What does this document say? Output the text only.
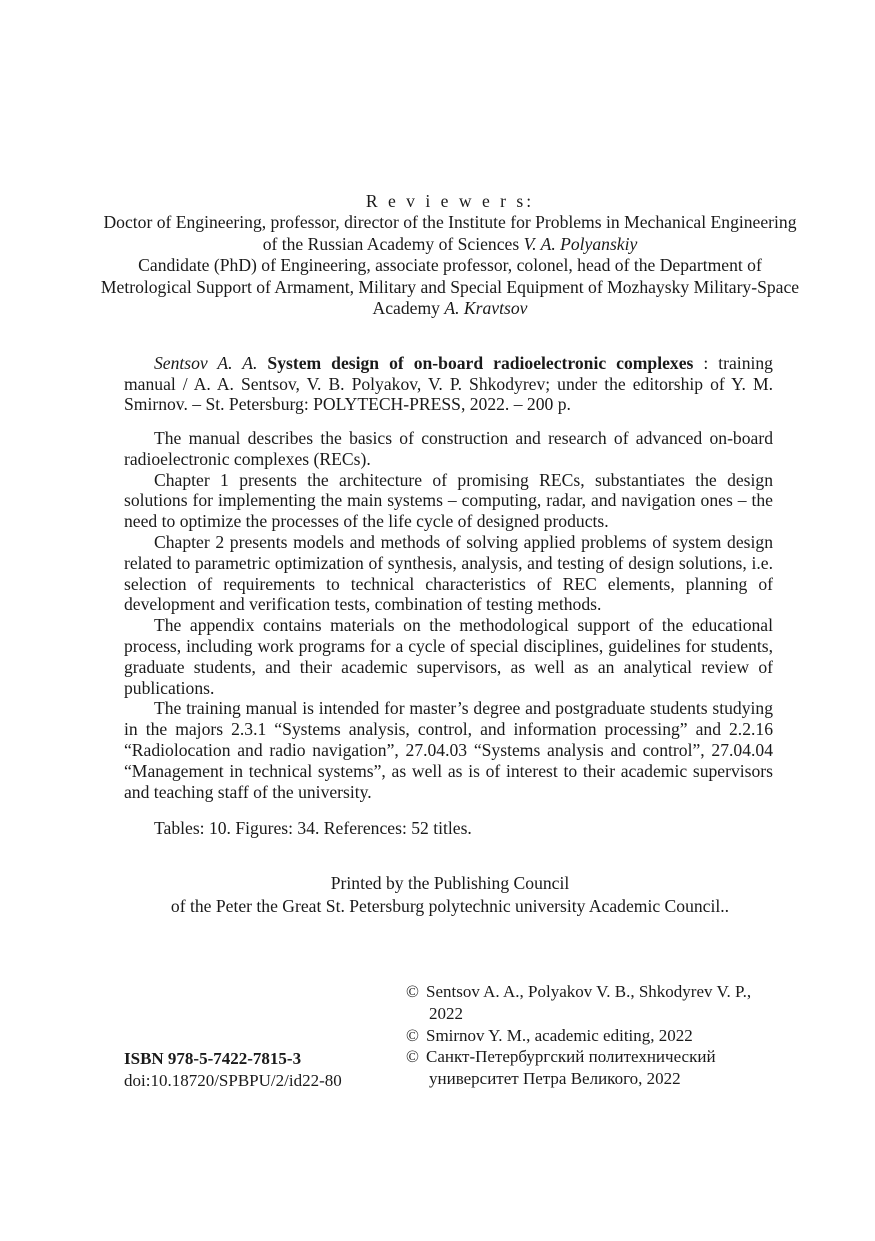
R e v i e w e r s:
Doctor of Engineering, professor, director of the Institute for Problems in Mechanical Engineering of the Russian Academy of Sciences V. A. Polyanskiy
Candidate (PhD) of Engineering, associate professor, colonel, head of the Department of Metrological Support of Armament, Military and Special Equipment of Mozhaysky Military-Space Academy A. Kravtsov
Sentsov A. A. System design of on-board radioelectronic complexes : training manual / A. A. Sentsov, V. B. Polyakov, V. P. Shkodyrev; under the editorship of Y. M. Smirnov. – St. Petersburg: POLYTECH-PRESS, 2022. – 200 p.

The manual describes the basics of construction and research of advanced on-board radioelectronic complexes (RECs).

Chapter 1 presents the architecture of promising RECs, substantiates the design solutions for implementing the main systems – computing, radar, and navigation ones – the need to optimize the processes of the life cycle of designed products.

Chapter 2 presents models and methods of solving applied problems of system design related to parametric optimization of synthesis, analysis, and testing of design solutions, i.e. selection of requirements to technical characteristics of REC elements, planning of development and verification tests, combination of testing methods.

The appendix contains materials on the methodological support of the educational process, including work programs for a cycle of special disciplines, guidelines for students, graduate students, and their academic supervisors, as well as an analytical review of publications.

The training manual is intended for master’s degree and postgraduate students studying in the majors 2.3.1 “Systems analysis, control, and information processing” and 2.2.16 “Radiolocation and radio navigation”, 27.04.03 “Systems analysis and control”, 27.04.04 “Management in technical systems”, as well as is of interest to their academic supervisors and teaching staff of the university.

Tables: 10. Figures: 34. References: 52 titles.
Printed by the Publishing Council
of the Peter the Great St. Petersburg polytechnic university Academic Council..
© Sentsov A. A., Polyakov V. B., Shkodyrev V. P., 2022
© Smirnov Y. M., academic editing, 2022
© Санкт-Петербургский политехнический университет Петра Великого, 2022
ISBN 978-5-7422-7815-3
doi:10.18720/SPBPU/2/id22-80
